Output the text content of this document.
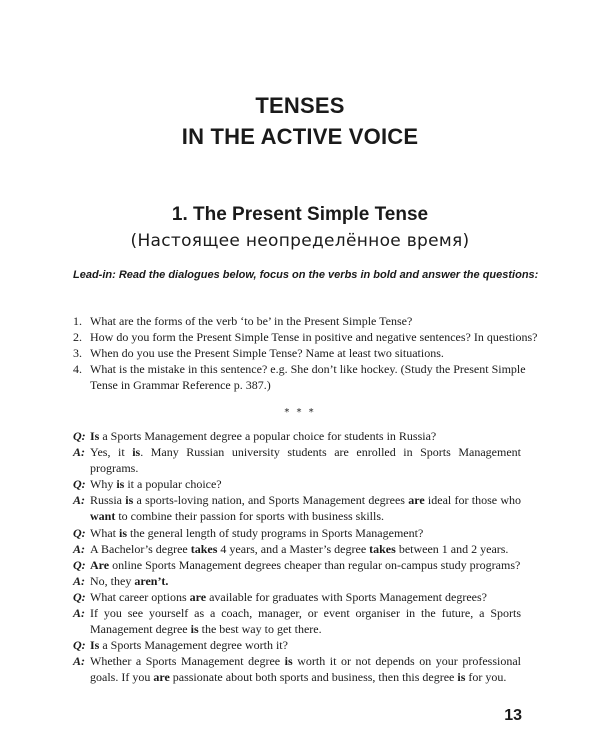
TENSES
IN THE ACTIVE VOICE
1. The Present Simple Tense
(Настоящее неопределённое время)
Lead-in: Read the dialogues below, focus on the verbs in bold and answer the questions:
1. What are the forms of the verb ‘to be’ in the Present Simple Tense?
2. How do you form the Present Simple Tense in positive and negative sentences? In questions?
3. When do you use the Present Simple Tense? Name at least two situations.
4. What is the mistake in this sentence? e.g. She don’t like hockey. (Study the Present Simple Tense in Grammar Reference p. 387.)
* * *
Q: Is a Sports Management degree a popular choice for students in Russia?
A: Yes, it is. Many Russian university students are enrolled in Sports Management programs.
Q: Why is it a popular choice?
A: Russia is a sports-loving nation, and Sports Management degrees are ideal for those who want to combine their passion for sports with business skills.
Q: What is the general length of study programs in Sports Management?
A: A Bachelor’s degree takes 4 years, and a Master’s degree takes between 1 and 2 years.
Q: Are online Sports Management degrees cheaper than regular on-campus study programs?
A: No, they aren’t.
Q: What career options are available for graduates with Sports Management degrees?
A: If you see yourself as a coach, manager, or event organiser in the future, a Sports Management degree is the best way to get there.
Q: Is a Sports Management degree worth it?
A: Whether a Sports Management degree is worth it or not depends on your professional goals. If you are passionate about both sports and business, then this degree is for you.
13
